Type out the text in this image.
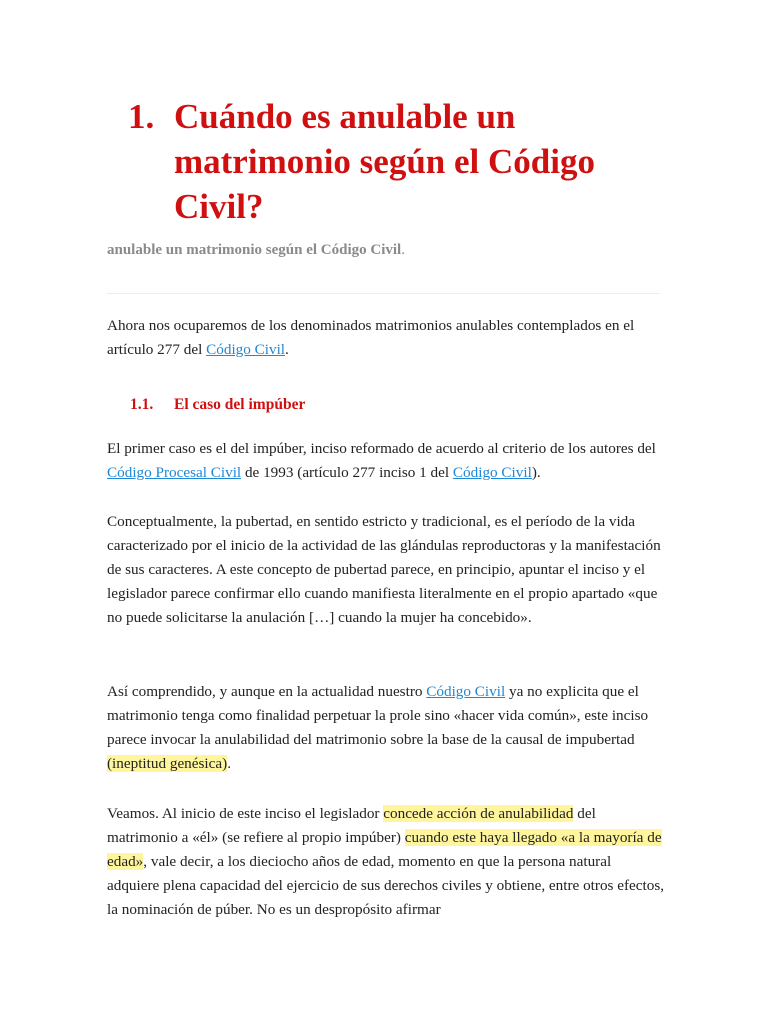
1. Cuándo es anulable un matrimonio según el Código Civil?
anulable un matrimonio según el Código Civil.
Ahora nos ocuparemos de los denominados matrimonios anulables contemplados en el artículo 277 del Código Civil.
1.1. El caso del impúber
El primer caso es el del impúber, inciso reformado de acuerdo al criterio de los autores del Código Procesal Civil de 1993 (artículo 277 inciso 1 del Código Civil).
Conceptualmente, la pubertad, en sentido estricto y tradicional, es el período de la vida caracterizado por el inicio de la actividad de las glándulas reproductoras y la manifestación de sus caracteres. A este concepto de pubertad parece, en principio, apuntar el inciso y el legislador parece confirmar ello cuando manifiesta literalmente en el propio apartado «que no puede solicitarse la anulación […] cuando la mujer ha concebido».
Así comprendido, y aunque en la actualidad nuestro Código Civil ya no explicita que el matrimonio tenga como finalidad perpetuar la prole sino «hacer vida común», este inciso parece invocar la anulabilidad del matrimonio sobre la base de la causal de impubertad (ineptitud genésica).
Veamos. Al inicio de este inciso el legislador concede acción de anulabilidad del matrimonio a «él» (se refiere al propio impúber) cuando este haya llegado «a la mayoría de edad», vale decir, a los dieciocho años de edad, momento en que la persona natural adquiere plena capacidad del ejercicio de sus derechos civiles y obtiene, entre otros efectos, la nominación de púber. No es un despropósito afirmar
